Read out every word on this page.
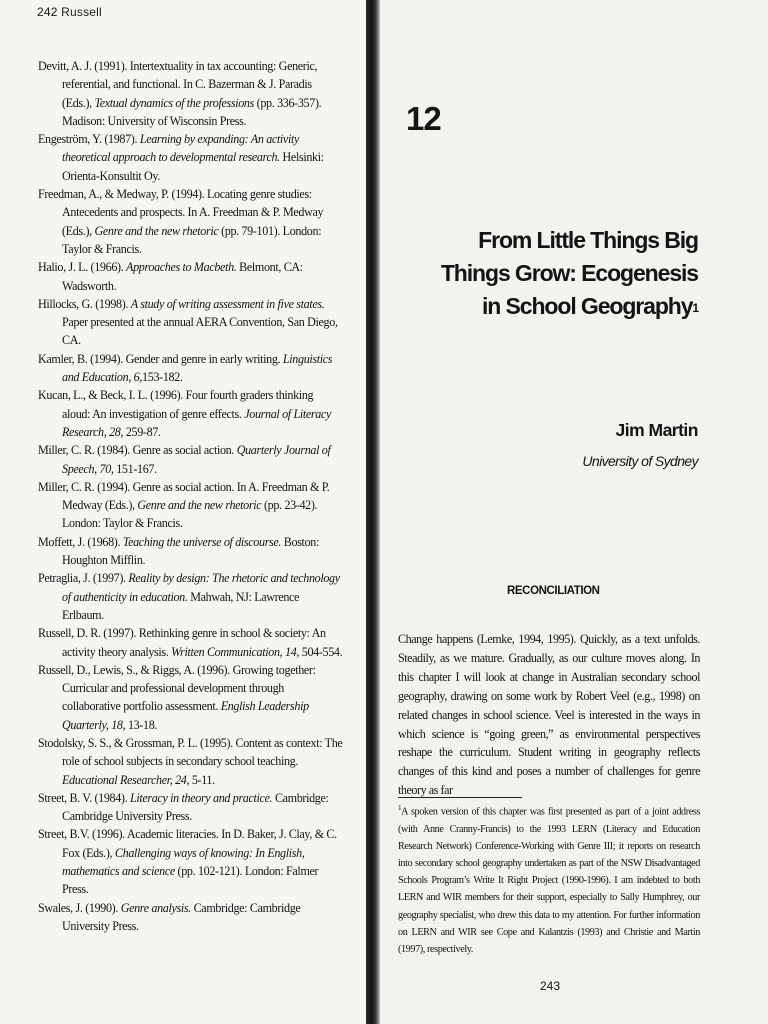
242 Russell

Devitt, A. J. (1991). Intertextuality in tax accounting: Generic, referential, and functional. In C. Bazerman & J. Paradis (Eds.), Textual dynamics of the professions (pp. 336-357). Madison: University of Wisconsin Press.

Engeström, Y. (1987). Learning by expanding: An activity theoretical approach to developmental research. Helsinki: Orienta-Konsultit Oy.

Freedman, A., & Medway, P. (1994). Locating genre studies: Antecedents and prospects. In A. Freedman & P. Medway (Eds.), Genre and the new rhetoric (pp. 79-101). London: Taylor & Francis.

Halio, J. L. (1966). Approaches to Macbeth. Belmont, CA: Wadsworth.

Hillocks, G. (1998). A study of writing assessment in five states. Paper presented at the annual AERA Convention, San Diego, CA.

Kamler, B. (1994). Gender and genre in early writing. Linguistics and Education, 6,153-182.

Kucan, L., & Beck, I. L. (1996). Four fourth graders thinking aloud: An investigation of genre effects. Journal of Literacy Research, 28, 259-87.

Miller, C. R. (1984). Genre as social action. Quarterly Journal of Speech, 70, 151-167.

Miller, C. R. (1994). Genre as social action. In A. Freedman & P. Medway (Eds.), Genre and the new rhetoric (pp. 23-42). London: Taylor & Francis.

Moffett, J. (1968). Teaching the universe of discourse. Boston: Houghton Mifflin.

Petraglia, J. (1997). Reality by design: The rhetoric and technology of authenticity in education. Mahwah, NJ: Lawrence Erlbaum.

Russell, D. R. (1997). Rethinking genre in school & society: An activity theory analysis. Written Communication, 14, 504-554.

Russell, D., Lewis, S., & Riggs, A. (1996). Growing together: Curricular and professional development through collaborative portfolio assessment. English Leadership Quarterly, 18, 13-18.

Stodolsky, S. S., & Grossman, P. L. (1995). Content as context: The role of school subjects in secondary school teaching. Educational Researcher, 24, 5-11.

Street, B. V. (1984). Literacy in theory and practice. Cambridge: Cambridge University Press.

Street, B.V. (1996). Academic literacies. In D. Baker, J. Clay, & C. Fox (Eds.), Challenging ways of knowing: In English, mathematics and science (pp. 102-121). London: Falmer Press.

Swales, J. (1990). Genre analysis. Cambridge: Cambridge University Press.

12
From Little Things Big
Things Grow: Ecogenesis
in School Geography$^1$
Jim Martin
University of Sydney
RECONCILIATION

Change happens (Lemke, 1994, 1995). Quickly, as a text unfolds. Steadily, as we mature. Gradually, as our culture moves along. In this chapter I will look at change in Australian secondary school geography, drawing on some work by Robert Veel (e.g., 1998) on related changes in school science. Veel is interested in the ways in which science is “going green,” as environmental perspectives reshape the curriculum. Student writing in geography reflects changes of this kind and poses a number of challenges for genre theory as far

$^1$A spoken version of this chapter was first presented as part of a joint address (with Anne Cranny-Francis) to the 1993 LERN (Literacy and Education Research Network) Conference-Working with Genre III; it reports on research into secondary school geography undertaken as part of the NSW Disadvantaged Schools Program’s Write It Right Project (1990-1996). I am indebted to both LERN and WIR members for their support, especially to Sally Humphrey, our geography specialist, who drew this data to my attention. For further information on LERN and WIR see Cope and Kalantzis (1993) and Christie and Martin (1997), respectively.

243
